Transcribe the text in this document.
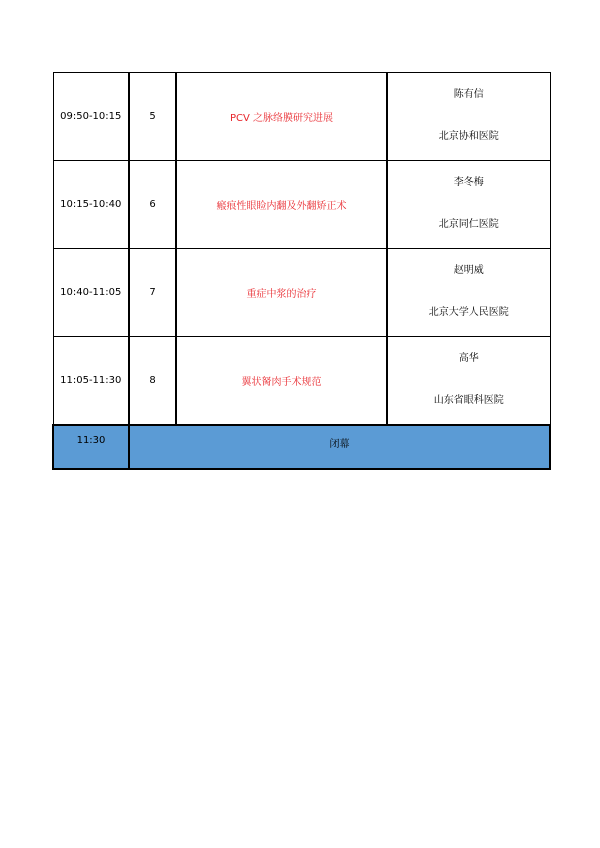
09:50-10:15	5	PCV 之脉络膜研究进展	陈有信
北京协和医院

10:15-10:40	6	瘢痕性眼睑内翻及外翻矫正术	李冬梅
北京同仁医院

10:40-11:05	7	重症中浆的治疗	赵明威
北京大学人民医院

11:05-11:30	8	翼状胬肉手术规范	高华
山东省眼科医院

11:30	闭幕		
